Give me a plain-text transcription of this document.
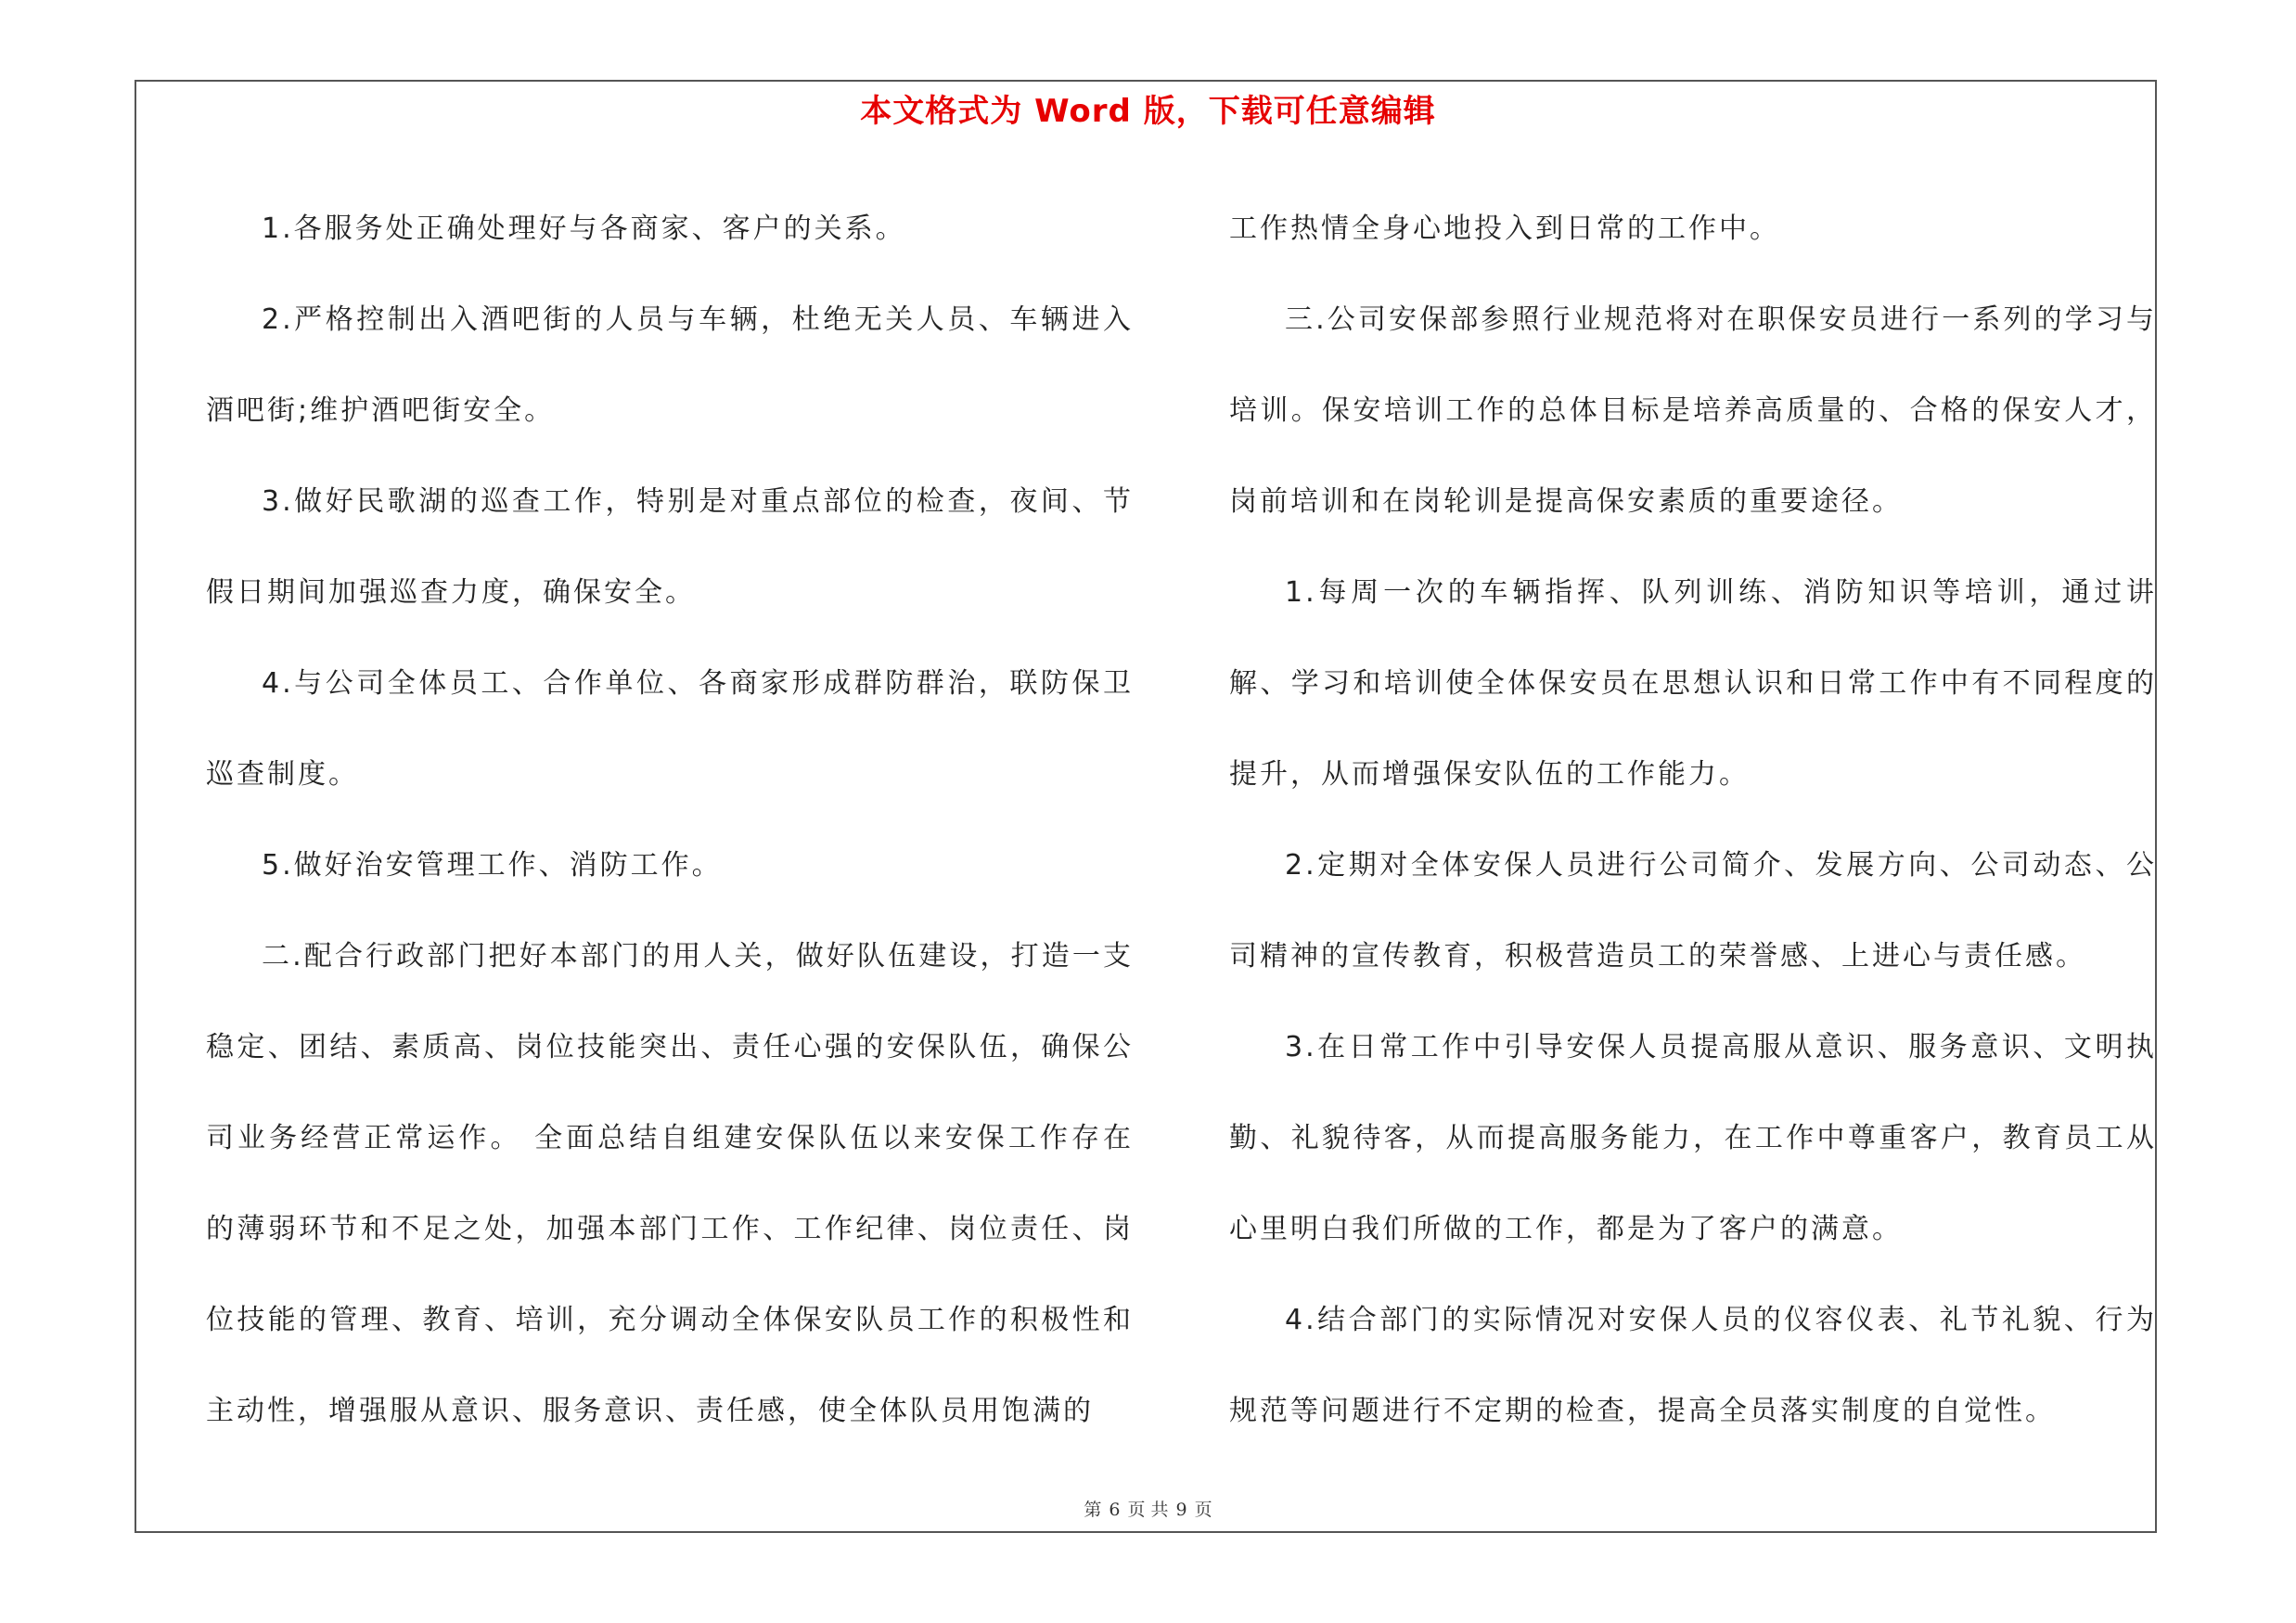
本文格式为 Word 版，下载可任意编辑

1.各服务处正确处理好与各商家、客户的关系。

2.严格控制出入酒吧街的人员与车辆，杜绝无关人员、车辆进入酒吧街;维护酒吧街安全。

3.做好民歌湖的巡查工作，特别是对重点部位的检查，夜间、节假日期间加强巡查力度，确保安全。

4.与公司全体员工、合作单位、各商家形成群防群治，联防保卫巡查制度。

5.做好治安管理工作、消防工作。

二.配合行政部门把好本部门的用人关，做好队伍建设，打造一支稳定、团结、素质高、岗位技能突出、责任心强的安保队伍，确保公司业务经营正常运作。 全面总结自组建安保队伍以来安保工作存在的薄弱环节和不足之处，加强本部门工作、工作纪律、岗位责任、岗位技能的管理、教育、培训，充分调动全体保安队员工作的积极性和主动性，增强服从意识、服务意识、责任感，使全体队员用饱满的

工作热情全身心地投入到日常的工作中。

三.公司安保部参照行业规范将对在职保安员进行一系列的学习与培训。保安培训工作的总体目标是培养高质量的、合格的保安人才，岗前培训和在岗轮训是提高保安素质的重要途径。

1.每周一次的车辆指挥、队列训练、消防知识等培训，通过讲解、学习和培训使全体保安员在思想认识和日常工作中有不同程度的提升，从而增强保安队伍的工作能力。

2.定期对全体安保人员进行公司简介、发展方向、公司动态、公司精神的宣传教育，积极营造员工的荣誉感、上进心与责任感。

3.在日常工作中引导安保人员提高服从意识、服务意识、文明执勤、礼貌待客，从而提高服务能力，在工作中尊重客户，教育员工从心里明白我们所做的工作，都是为了客户的满意。

4.结合部门的实际情况对安保人员的仪容仪表、礼节礼貌、行为规范等问题进行不定期的检查，提高全员落实制度的自觉性。

第 6 页 共 9 页
